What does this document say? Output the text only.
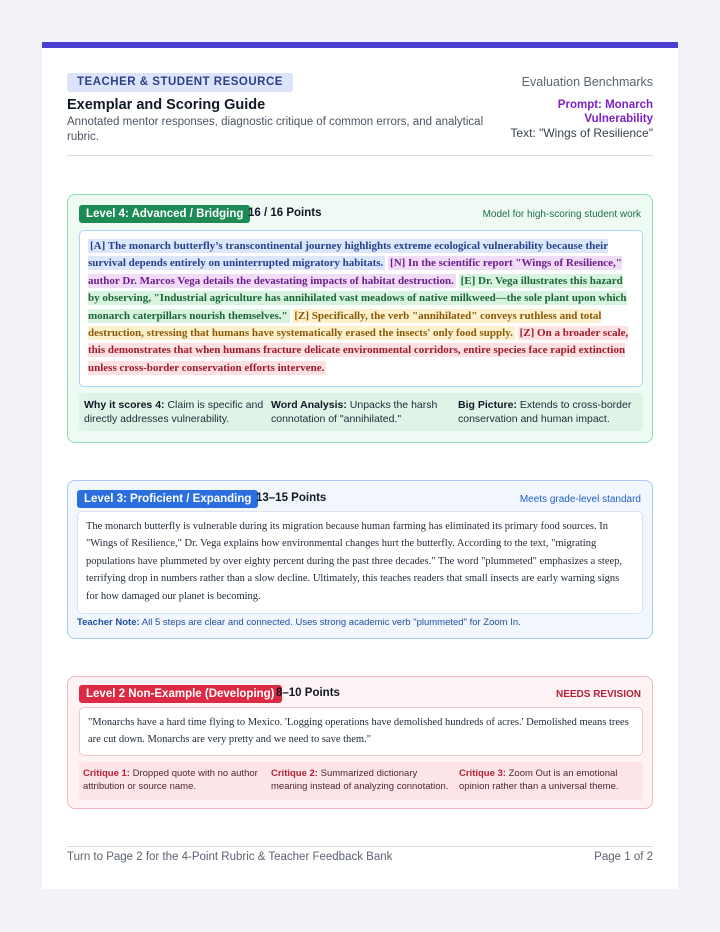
TEACHER & STUDENT RESOURCE	Evaluation Benchmarks
Exemplar and Scoring Guide	Prompt: Monarch Vulnerability
Annotated mentor responses, diagnostic critique of common errors, and analytical rubric.	Text: "Wings of Resilience"
Level 4: Advanced / Bridging 16 / 16 Points	Model for high-scoring student work
[A] The monarch butterfly’s transcontinental journey highlights extreme ecological vulnerability because their survival depends entirely on uninterrupted migratory habitats. [N] In the scientific report "Wings of Resilience," author Dr. Marcos Vega details the devastating impacts of habitat destruction. [E] Dr. Vega illustrates this hazard by observing, "Industrial agriculture has annihilated vast meadows of native milkweed—the sole plant upon which monarch caterpillars nourish themselves." [Z] Specifically, the verb "annihilated" conveys ruthless and total destruction, stressing that humans have systematically erased the insects' only food supply. [Z] On a broader scale, this demonstrates that when humans fracture delicate environmental corridors, entire species face rapid extinction unless cross-border conservation efforts intervene.
Why it scores 4: Claim is specific and directly addresses vulnerability.
Word Analysis: Unpacks the harsh connotation of "annihilated."
Big Picture: Extends to cross-border conservation and human impact.
Level 3: Proficient / Expanding 13–15 Points	Meets grade-level standard
The monarch butterfly is vulnerable during its migration because human farming has eliminated its primary food sources. In "Wings of Resilience," Dr. Vega explains how environmental changes hurt the butterfly. According to the text, "migrating populations have plummeted by over eighty percent during the past three decades." The word "plummeted" emphasizes a steep, terrifying drop in numbers rather than a slow decline. Ultimately, this teaches readers that small insects are early warning signs for how damaged our planet is becoming.
Teacher Note: All 5 steps are clear and connected. Uses strong academic verb "plummeted" for Zoom In.
Level 2 Non-Example (Developing) 8–10 Points	NEEDS REVISION
"Monarchs have a hard time flying to Mexico. 'Logging operations have demolished hundreds of acres.' Demolished means trees are cut down. Monarchs are very pretty and we need to save them."
Critique 1: Dropped quote with no author attribution or source name.
Critique 2: Summarized dictionary meaning instead of analyzing connotation.
Critique 3: Zoom Out is an emotional opinion rather than a universal theme.
Turn to Page 2 for the 4-Point Rubric & Teacher Feedback Bank	Page 1 of 2
